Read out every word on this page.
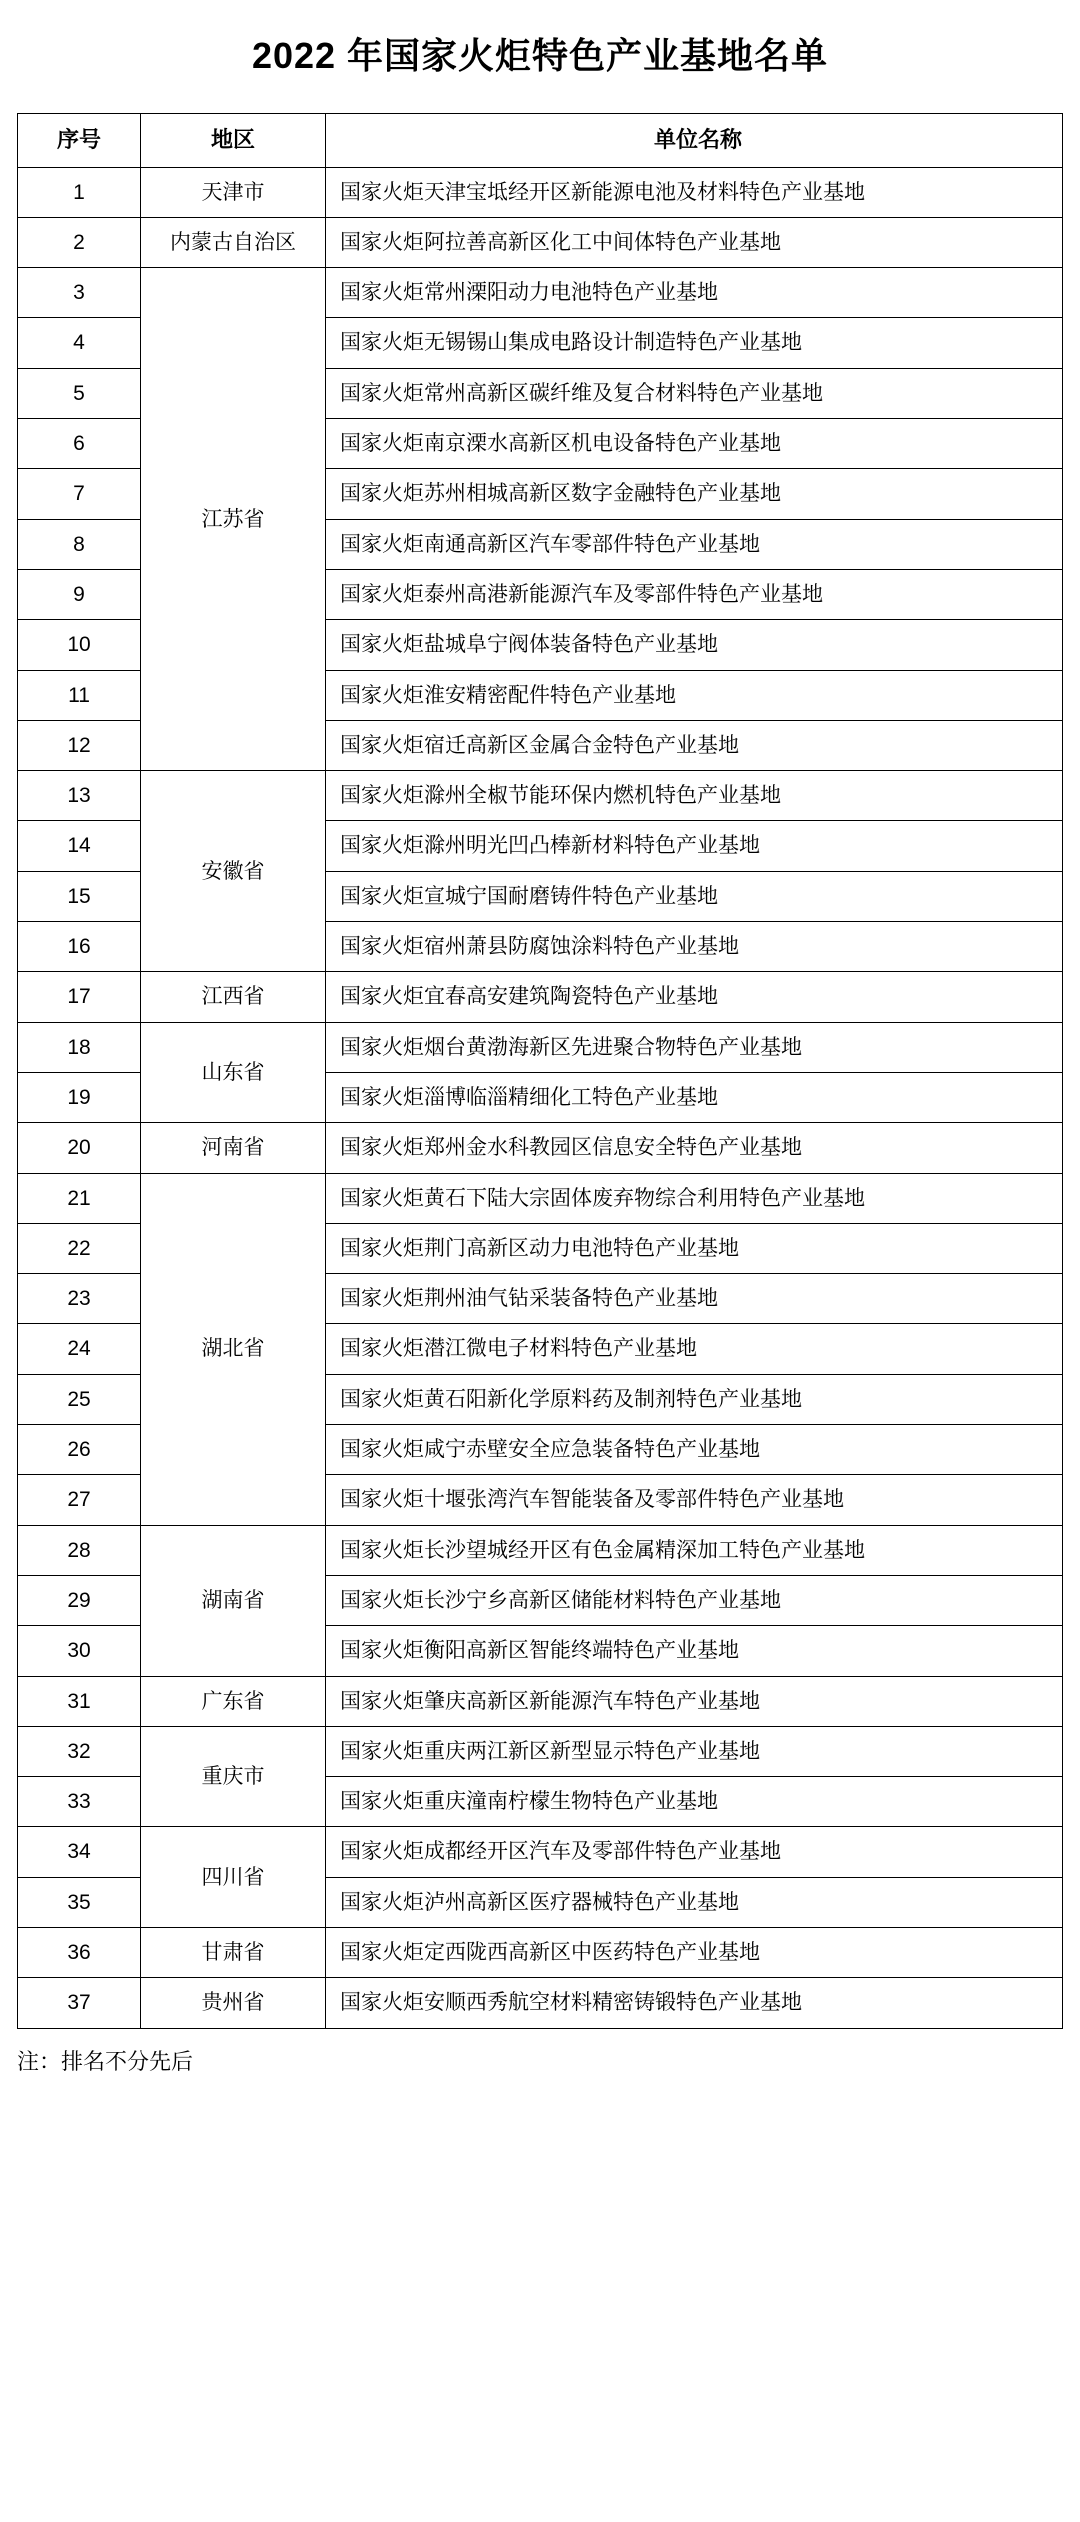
2022 年国家火炬特色产业基地名单
序号	地区	单位名称
1	天津市	国家火炬天津宝坻经开区新能源电池及材料特色产业基地
2	内蒙古自治区	国家火炬阿拉善高新区化工中间体特色产业基地
3	江苏省	国家火炬常州溧阳动力电池特色产业基地
4		国家火炬无锡锡山集成电路设计制造特色产业基地
5		国家火炬常州高新区碳纤维及复合材料特色产业基地
6		国家火炬南京溧水高新区机电设备特色产业基地
7		国家火炬苏州相城高新区数字金融特色产业基地
8		国家火炬南通高新区汽车零部件特色产业基地
9		国家火炬泰州高港新能源汽车及零部件特色产业基地
10		国家火炬盐城阜宁阀体装备特色产业基地
11		国家火炬淮安精密配件特色产业基地
12		国家火炬宿迁高新区金属合金特色产业基地
13	安徽省	国家火炬滁州全椒节能环保内燃机特色产业基地
14		国家火炬滁州明光凹凸棒新材料特色产业基地
15		国家火炬宣城宁国耐磨铸件特色产业基地
16		国家火炬宿州萧县防腐蚀涂料特色产业基地
17	江西省	国家火炬宜春高安建筑陶瓷特色产业基地
18	山东省	国家火炬烟台黄渤海新区先进聚合物特色产业基地
19		国家火炬淄博临淄精细化工特色产业基地
20	河南省	国家火炬郑州金水科教园区信息安全特色产业基地
21	湖北省	国家火炬黄石下陆大宗固体废弃物综合利用特色产业基地
22		国家火炬荆门高新区动力电池特色产业基地
23		国家火炬荆州油气钻采装备特色产业基地
24		国家火炬潜江微电子材料特色产业基地
25		国家火炬黄石阳新化学原料药及制剂特色产业基地
26		国家火炬咸宁赤壁安全应急装备特色产业基地
27		国家火炬十堰张湾汽车智能装备及零部件特色产业基地
28	湖南省	国家火炬长沙望城经开区有色金属精深加工特色产业基地
29		国家火炬长沙宁乡高新区储能材料特色产业基地
30		国家火炬衡阳高新区智能终端特色产业基地
31	广东省	国家火炬肇庆高新区新能源汽车特色产业基地
32	重庆市	国家火炬重庆两江新区新型显示特色产业基地
33		国家火炬重庆潼南柠檬生物特色产业基地
34	四川省	国家火炬成都经开区汽车及零部件特色产业基地
35		国家火炬泸州高新区医疗器械特色产业基地
36	甘肃省	国家火炬定西陇西高新区中医药特色产业基地
37	贵州省	国家火炬安顺西秀航空材料精密铸锻特色产业基地
注：排名不分先后
